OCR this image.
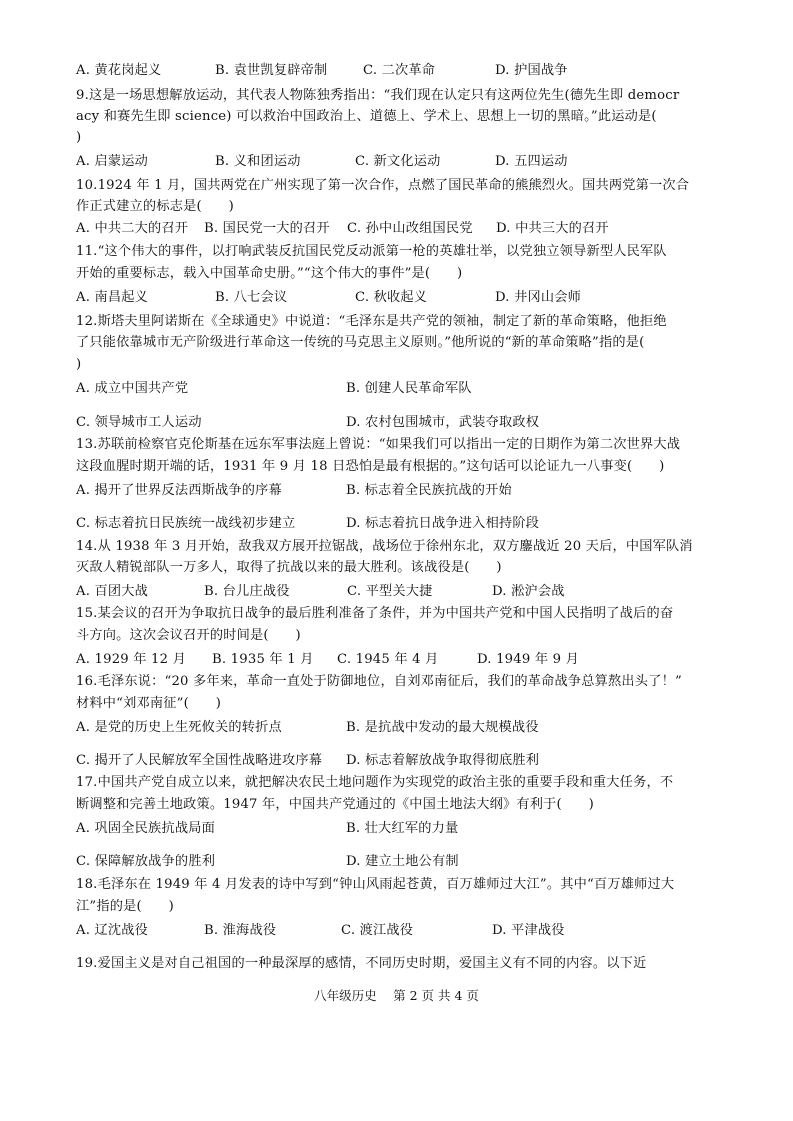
A. 黄花岗起义	B. 袁世凯复辟帝制	C. 二次革命	D. 护国战争
9.这是一场思想解放运动，其代表人物陈独秀指出：“我们现在认定只有这两位先生(德先生即 democr
acy 和赛先生即 science) 可以救治中国政治上、道德上、学术上、思想上一切的黑暗。”此运动是(
)
A. 启蒙运动	B. 义和团运动	C. 新文化运动	D. 五四运动
10.1924 年 1 月，国共两党在广州实现了第一次合作，点燃了国民革命的熊熊烈火。国共两党第一次合
作正式建立的标志是(　　)
A. 中共二大的召开 B. 国民党一大的召开 C. 孙中山改组国民党 D. 中共三大的召开
11.“这个伟大的事件，以打响武装反抗国民党反动派第一枪的英雄壮举，以党独立领导新型人民军队
开始的重要标志，载入中国革命史册。”“这个伟大的事件”是(　　)
A. 南昌起义	B. 八七会议	C. 秋收起义	D. 井冈山会师
12.斯塔夫里阿诺斯在《全球通史》中说道：“毛泽东是共产党的领袖，制定了新的革命策略，他拒绝
了只能依靠城市无产阶级进行革命这一传统的马克思主义原则。”他所说的“新的革命策略”指的是(
)
A. 成立中国共产党	B. 创建人民革命军队
C. 领导城市工人运动	D. 农村包围城市，武装夺取政权
13.苏联前检察官克伦斯基在远东军事法庭上曾说：“如果我们可以指出一定的日期作为第二次世界大战
这段血腥时期开端的话，1931 年 9 月 18 日恐怕是最有根据的。”这句话可以论证九一八事变(　　)
A. 揭开了世界反法西斯战争的序幕	B. 标志着全民族抗战的开始
C. 标志着抗日民族统一战线初步建立	D. 标志着抗日战争进入相持阶段
14.从 1938 年 3 月开始，敌我双方展开拉锯战，战场位于徐州东北，双方鏖战近 20 天后，中国军队消
灭敌人精锐部队一万多人，取得了抗战以来的最大胜利。该战役是(　　)
A. 百团大战	B. 台儿庄战役	C. 平型关大捷	D. 淞沪会战
15.某会议的召开为争取抗日战争的最后胜利准备了条件，并为中国共产党和中国人民指明了战后的奋
斗方向。这次会议召开的时间是(　　)
A. 1929 年 12 月 B. 1935 年 1 月 C. 1945 年 4 月	D. 1949 年 9 月
16.毛泽东说：“20 多年来，革命一直处于防御地位，自刘邓南征后，我们的革命战争总算熬出头了！”
材料中“刘邓南征”(　　)
A. 是党的历史上生死攸关的转折点	B. 是抗战中发动的最大规模战役
C. 揭开了人民解放军全国性战略进攻序幕 D. 标志着解放战争取得彻底胜利
17.中国共产党自成立以来，就把解决农民土地问题作为实现党的政治主张的重要手段和重大任务，不
断调整和完善土地政策。1947 年，中国共产党通过的《中国土地法大纲》有利于(　　)
A. 巩固全民族抗战局面	B. 壮大红军的力量
C. 保障解放战争的胜利	D. 建立土地公有制
18.毛泽东在 1949 年 4 月发表的诗中写到“钟山风雨起苍黄，百万雄师过大江”。其中“百万雄师过大
江”指的是(　　)
A. 辽沈战役	B. 淮海战役	C. 渡江战役	D. 平津战役
19.爱国主义是对自己祖国的一种最深厚的感情，不同历史时期，爱国主义有不同的内容。以下近
八年级历史　 第 2 页 共 4 页
